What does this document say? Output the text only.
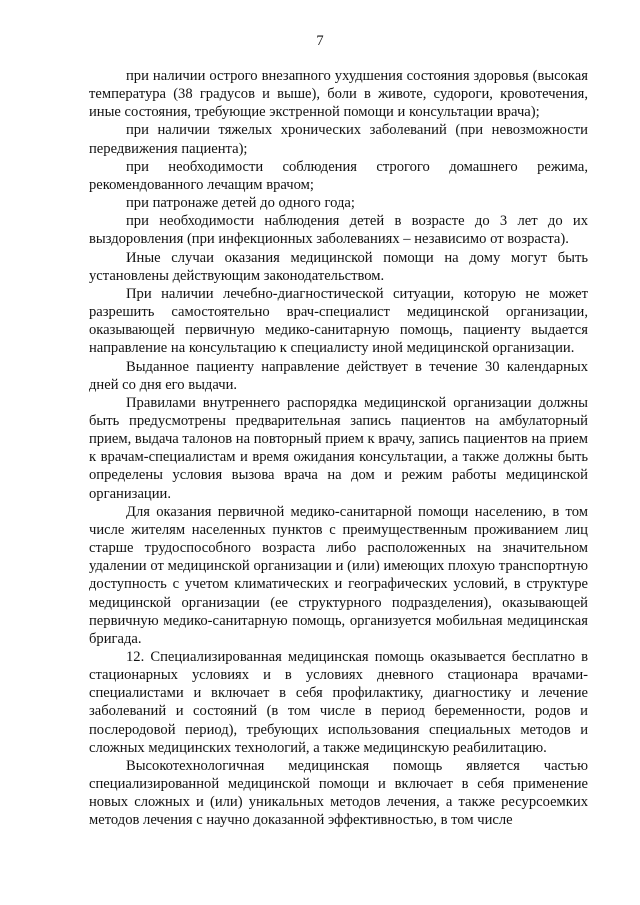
7

при наличии острого внезапного ухудшения состояния здоровья (высокая температура (38 градусов и выше), боли в животе, судороги, кровотечения, иные состояния, требующие экстренной помощи и консультации врача);

при наличии тяжелых хронических заболеваний (при невозможности передвижения пациента);

при необходимости соблюдения строгого домашнего режима, рекомендованного лечащим врачом;

при патронаже детей до одного года;

при необходимости наблюдения детей в возрасте до 3 лет до их выздоровления (при инфекционных заболеваниях – независимо от возраста).

Иные случаи оказания медицинской помощи на дому могут быть установлены действующим законодательством.

При наличии лечебно-диагностической ситуации, которую не может разрешить самостоятельно врач-специалист медицинской организации, оказывающей первичную медико-санитарную помощь, пациенту выдается направление на консультацию к специалисту иной медицинской организации.

Выданное пациенту направление действует в течение 30 календарных дней со дня его выдачи.

Правилами внутреннего распорядка медицинской организации должны быть предусмотрены предварительная запись пациентов на амбулаторный прием, выдача талонов на повторный прием к врачу, запись пациентов на прием к врачам-специалистам и время ожидания консультации, а также должны быть определены условия вызова врача на дом и режим работы медицинской организации.

Для оказания первичной медико-санитарной помощи населению, в том числе жителям населенных пунктов с преимущественным проживанием лиц старше трудоспособного возраста либо расположенных на значительном удалении от медицинской организации и (или) имеющих плохую транспортную доступность с учетом климатических и географических условий, в структуре медицинской организации (ее структурного подразделения), оказывающей первичную медико-санитарную помощь, организуется мобильная медицинская бригада.

12. Специализированная медицинская помощь оказывается бесплатно в стационарных условиях и в условиях дневного стационара врачами-специалистами и включает в себя профилактику, диагностику и лечение заболеваний и состояний (в том числе в период беременности, родов и послеродовой период), требующих использования специальных методов и сложных медицинских технологий, а также медицинскую реабилитацию.

Высокотехнологичная медицинская помощь является частью специализированной медицинской помощи и включает в себя применение новых сложных и (или) уникальных методов лечения, а также ресурсоемких методов лечения с научно доказанной эффективностью, в том числе
